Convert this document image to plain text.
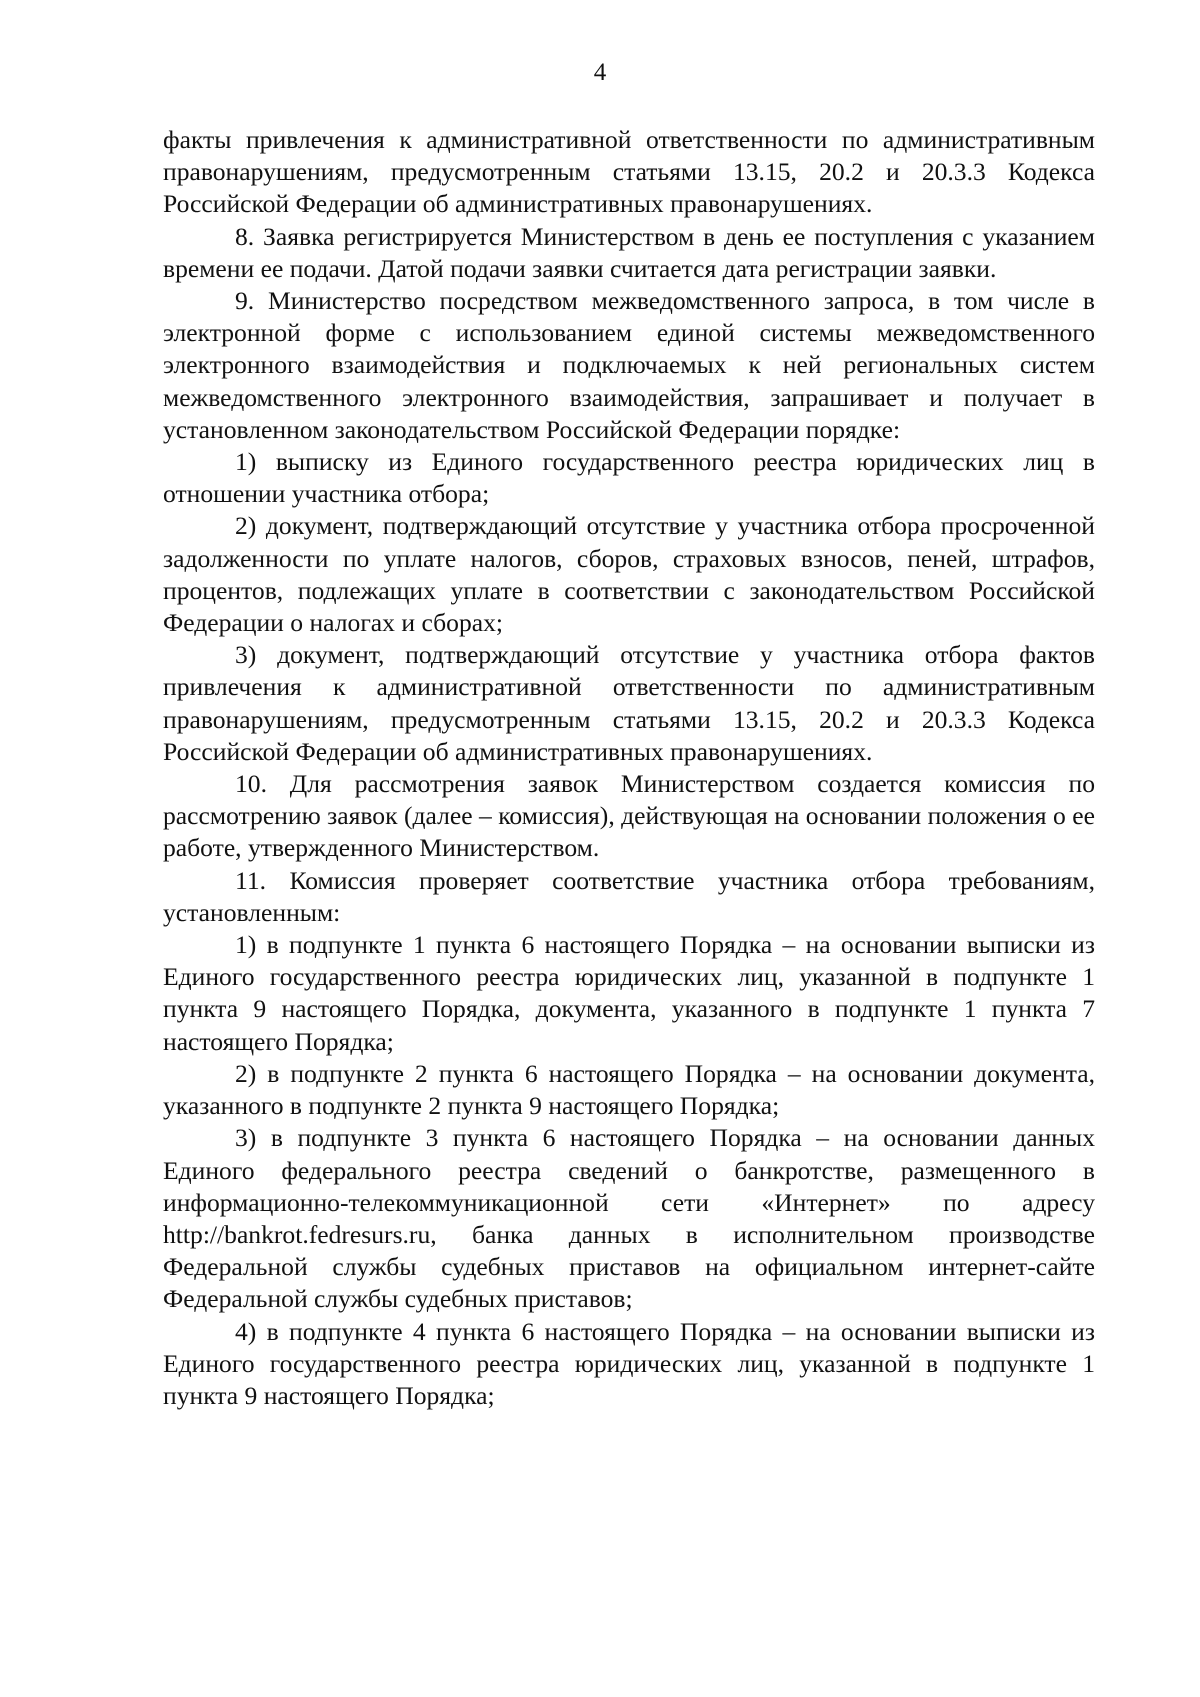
4

факты привлечения к административной ответственности по административным правонарушениям, предусмотренным статьями 13.15, 20.2 и 20.3.3 Кодекса Российской Федерации об административных правонарушениях.

8. Заявка регистрируется Министерством в день ее поступления с указанием времени ее подачи. Датой подачи заявки считается дата регистрации заявки.

9. Министерство посредством межведомственного запроса, в том числе в электронной форме с использованием единой системы межведомственного электронного взаимодействия и подключаемых к ней региональных систем межведомственного электронного взаимодействия, запрашивает и получает в установленном законодательством Российской Федерации порядке:

1) выписку из Единого государственного реестра юридических лиц в отношении участника отбора;

2) документ, подтверждающий отсутствие у участника отбора просроченной задолженности по уплате налогов, сборов, страховых взносов, пеней, штрафов, процентов, подлежащих уплате в соответствии с законодательством Российской Федерации о налогах и сборах;

3) документ, подтверждающий отсутствие у участника отбора фактов привлечения к административной ответственности по административным правонарушениям, предусмотренным статьями 13.15, 20.2 и 20.3.3 Кодекса Российской Федерации об административных правонарушениях.

10. Для рассмотрения заявок Министерством создается комиссия по рассмотрению заявок (далее – комиссия), действующая на основании положения о ее работе, утвержденного Министерством.

11. Комиссия проверяет соответствие участника отбора требованиям, установленным:

1) в подпункте 1 пункта 6 настоящего Порядка – на основании выписки из Единого государственного реестра юридических лиц, указанной в подпункте 1 пункта 9 настоящего Порядка, документа, указанного в подпункте 1 пункта 7 настоящего Порядка;

2) в подпункте 2 пункта 6 настоящего Порядка – на основании документа, указанного в подпункте 2 пункта 9 настоящего Порядка;

3) в подпункте 3 пункта 6 настоящего Порядка – на основании данных Единого федерального реестра сведений о банкротстве, размещенного в информационно-телекоммуникационной сети «Интернет» по адресу http://bankrot.fedresurs.ru, банка данных в исполнительном производстве Федеральной службы судебных приставов на официальном интернет-сайте Федеральной службы судебных приставов;

4) в подпункте 4 пункта 6 настоящего Порядка – на основании выписки из Единого государственного реестра юридических лиц, указанной в подпункте 1 пункта 9 настоящего Порядка;
